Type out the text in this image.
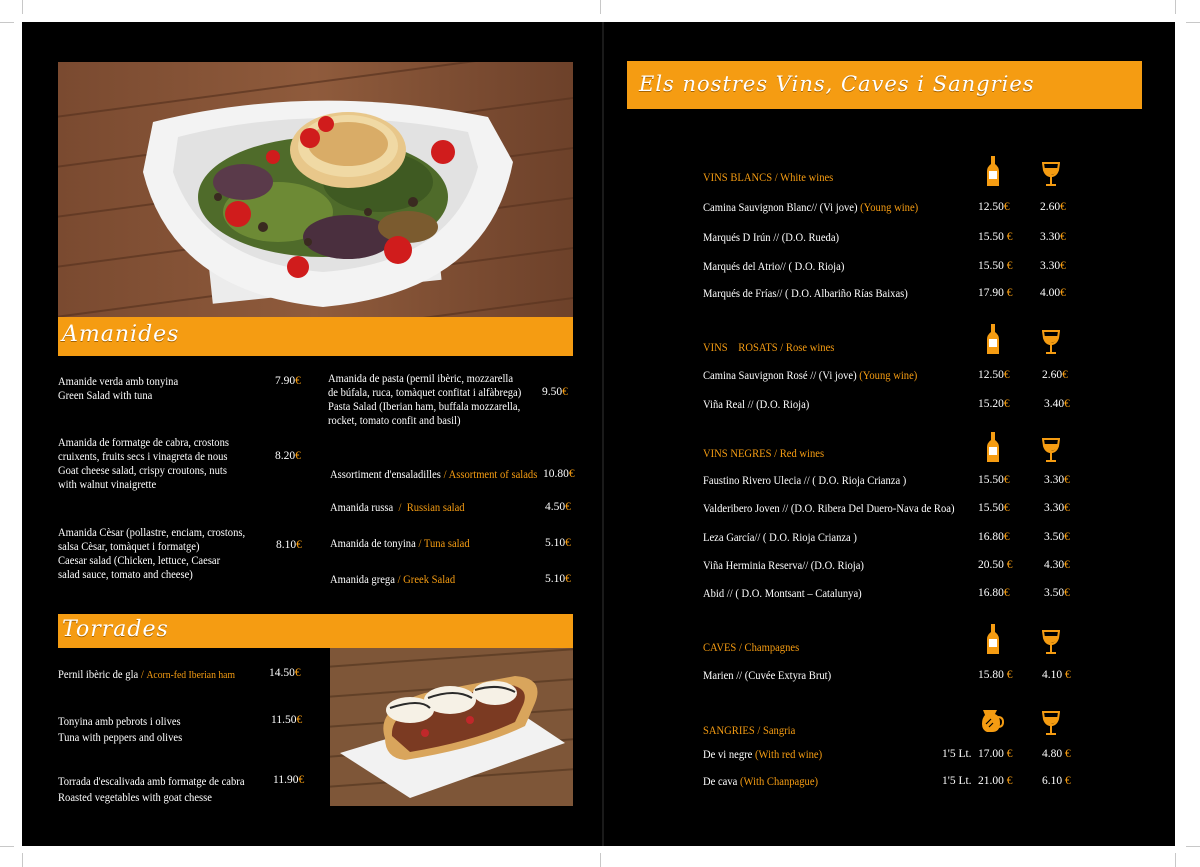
Amanides
Amanide verda amb tonyina
Green Salad with tuna
7.90€
Amanida de formatge de cabra, crostons
cruixents, fruits secs i vinagreta de nous
Goat cheese salad, crispy croutons, nuts
with walnut vinaigrette
8.20€
Amanida Cèsar (pollastre, enciam, crostons,
salsa Cèsar, tomàquet i formatge)
Caesar salad (Chicken, lettuce, Caesar
salad sauce, tomato and cheese)
8.10€
Amanida de pasta (pernil ibèric, mozzarella
de búfala, ruca, tomàquet confitat i alfàbrega)
Pasta Salad (Iberian ham, buffala mozzarella,
rocket, tomato confit and basil)
9.50€
Assortiment d'ensaladilles / Assortment of salads 10.80€
Amanida russa  /  Russian salad	4.50€
Amanida de tonyina / Tuna salad	5.10€
Amanida grega / Greek Salad	5.10€
Torrades
Pernil ibèric de gla / Acorn-fed Iberian ham	14.50€
Tonyina amb pebrots i olives
Tuna with peppers and olives
11.50€
Torrada d'escalivada amb formatge de cabra
Roasted vegetables with goat chesse
11.90€
Els nostres Vins, Caves i Sangries
VINS BLANCS / White wines
Camina Sauvignon Blanc// (Vi jove) (Young wine)	12.50€	2.60€
Marqués D Irún // (D.O. Rueda)	15.50 € 3.30€
Marqués del Atrio// ( D.O. Rioja)	15.50 € 3.30€
Marqués de Frías// ( D.O. Albariño Rías Baixas)	17.90 € 4.00€
VINS    ROSATS / Rose wines
Camina Sauvignon Rosé // (Vi jove) (Young wine)	12.50€	2.60€
Viña Real // (D.O. Rioja)	15.20€	3.40€
VINS NEGRES / Red wines
Faustino Rivero Ulecia // ( D.O. Rioja Crianza )	15.50€	3.30€
Valderibero Joven // (D.O. Ribera Del Duero-Nava de Roa) 15.50€	3.30€
Leza García// ( D.O. Rioja Crianza )	16.80€	3.50€
Viña Herminia Reserva// (D.O. Rioja)	20.50 €	4.30€
Abid // ( D.O. Montsant – Catalunya)	16.80€	3.50€
CAVES / Champagnes
Marien // (Cuvée Extyra Brut)	15.80 €	4.10 €
SANGRIES / Sangria
De vi negre (With red wine)	1'5 Lt. 17.00 €	4.80 €
De cava (With Chanpague)	1'5 Lt. 21.00 €	6.10 €
